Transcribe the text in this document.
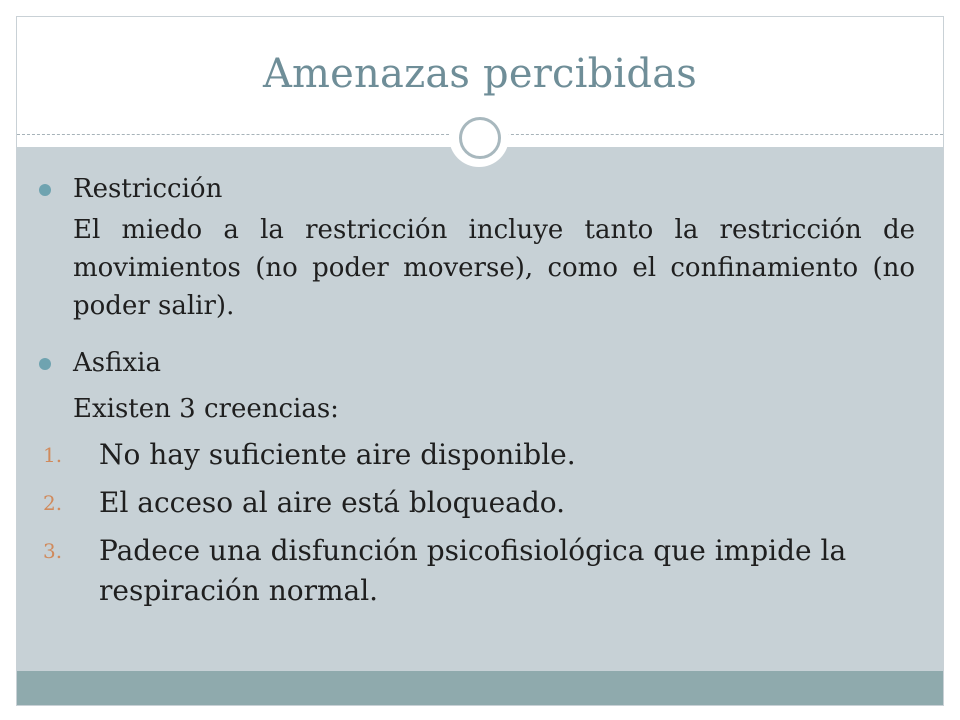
Amenazas percibidas
Restricción
El miedo a la restricción incluye tanto la restricción de movimientos (no poder moverse), como el confinamiento (no poder salir).
Asfixia
Existen 3 creencias:
1.	No hay suficiente aire disponible.
2.	El acceso al aire está bloqueado.
3.	Padece una disfunción psicofisiológica que impide la respiración normal.
